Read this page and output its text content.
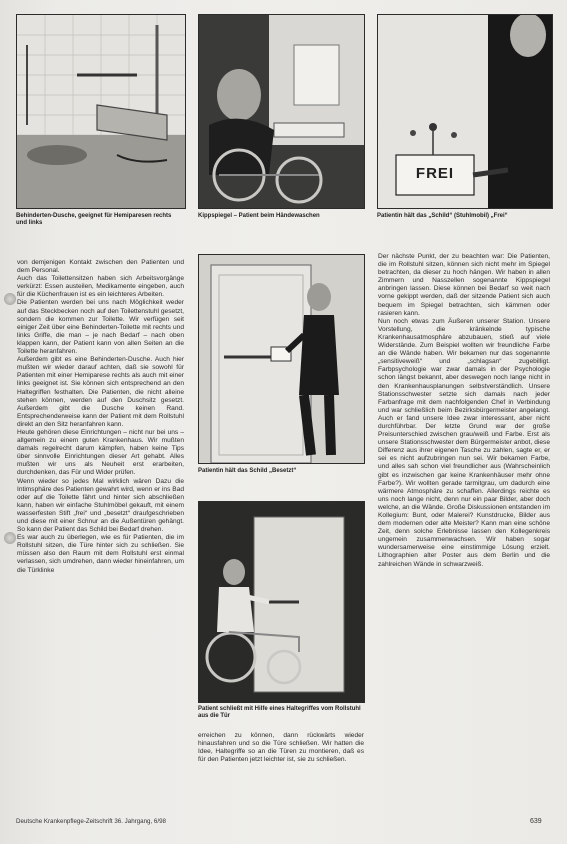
Behinderten-Dusche, geeignet für Hemiparesen rechts und links
Kippspiegel – Patient beim Händewaschen
FREI
Patientin hält das „Schild“ (Stuhlmobil) „Frei“
Patientin hält das Schild „Besetzt“
Patient schließt mit Hilfe eines Haltegriffes vom Rollstuhl aus die Tür

von demjenigen Kontakt zwischen den Patienten und dem Personal.

Auch das Toilettensitzen haben sich Arbeitsvorgänge verkürzt: Essen austeilen, Medikamente eingeben, auch für die Küchenfrauen ist es ein leichteres Arbeiten.

Die Patienten werden bei uns nach Möglichkeit weder auf das Steckbecken noch auf den Toilettenstuhl gesetzt, sondern die kommen zur Toilette. Wir verfügen seit einiger Zeit über eine Behinderten-Toilette mit rechts und links Griffe, die man – je nach Bedarf – nach oben klappen kann, der Patient kann von allen Seiten an die Toilette heranfahren.

Außerdem gibt es eine Behinderten-Dusche. Auch hier mußten wir wieder darauf achten, daß sie sowohl für Patienten mit einer Hemiparese rechts als auch mit einer links geeignet ist. Sie können sich entsprechend an den Haltegriffen festhalten. Die Patienten, die nicht alleine stehen können, werden auf den Duschsitz gesetzt. Außerdem gibt die Dusche keinen Rand. Entsprechenderweise kann der Patient mit dem Rollstuhl direkt an den Sitz heranfahren kann.

Heute gehören diese Einrichtungen – nicht nur bei uns – allgemein zu einem guten Krankenhaus. Wir mußten damals regelrecht darum kämpfen, haben keine Tips über sinnvolle Einrichtungen dieser Art gehabt. Alles mußten wir uns als Neuheit erst erarbeiten, durchdenken, das Für und Wider prüfen.

Wenn wieder so jedes Mal wirklich wären Dazu die Intimsphäre des Patienten gewahrt wird, wenn er ins Bad oder auf die Toilette fährt und hinter sich abschließen kann, haben wir einfache Stuhlmöbel gekauft, mit einem wasserfesten Stift „frei“ und „besetzt“ draufgeschrieben und diese mit einer Schnur an die Außentüren gehängt. So kann der Patient das Schild bei Bedarf drehen.

Es war auch zu überlegen, wie es für Patienten, die im Rollstuhl sitzen, die Türe hinter sich zu schließen. Sie müssen also den Raum mit dem Rollstuhl erst einmal verlassen, sich umdrehen, dann wieder hineinfahren, um die Türklinke

erreichen zu können, dann rückwärts wieder hinausfahren und so die Türe schließen. Wir hatten die Idee, Haltegriffe so an die Türen zu montieren, daß es für den Patienten jetzt leichter ist, sie zu schließen.

Der nächste Punkt, der zu beachten war: Die Patienten, die im Rollstuhl sitzen, können sich nicht mehr im Spiegel betrachten, da dieser zu hoch hängen. Wir haben in allen Zimmern und Nasszellen sogenannte Kippspiegel anbringen lassen. Diese können bei Bedarf so weit nach vorne gekippt werden, daß der sitzende Patient sich auch bequem im Spiegel betrachten, sich kämmen oder rasieren kann.

Nun noch etwas zum Äußeren unserer Station. Unsere Vorstellung, die kränkelnde typische Krankenhausatmosphäre abzubauen, stieß auf viele Widerstände. Zum Beispiel wollten wir freundliche Farbe an die Wände haben. Wir bekamen nur das sogenannte „sensitiveweiß“ und „schlagsan“ zugebilligt. Farbpsychologie war zwar damals in der Psychologie schon längst bekannt, aber deswegen noch lange nicht in den Krankenhausplanungen selbstverständlich. Unsere Stationsschwester setzte sich damals nach jeder Farbanfrage mit dem nachfolgenden Chef in Verbindung und war schließlich beim Bezirksbürgermeister angelangt. Auch er fand unsere Idee zwar interessant, aber nicht durchführbar. Der letzte Grund war der große Preisunterschied zwischen grau/weiß und Farbe. Erst als unsere Stationsschwester dem Bürgermeister anbot, diese Differenz aus ihrer eigenen Tasche zu zahlen, sagte er, er sei es nicht aufzubringen nun sei. Wir bekamen Farbe, und alles sah schon viel freundlicher aus (Wahrscheinlich gibt es inzwischen gar keine Krankenhäuser mehr ohne Farbe?). Wir wollten gerade tarmitgrau, um dadurch eine wärmere Atmosphäre zu schaffen. Allerdings reichte es uns noch lange nicht, denn nur ein paar Bilder, aber doch welche, an die Wände. Große Diskussionen entstanden im Kollegium: Bunt, oder Malerei? Kunstdrucke, Bilder aus dem modernen oder alte Meister? Kann man eine schöne Zeit, denn solche Erlebnisse lassen den Kollegenkreis ungemein zusammenwachsen. Wir haben sogar wundersamerweise eine einstimmige Lösung erzielt. Lithographien alter Poster aus dem Berlin und die zahlreichen Wände in schwarzweiß.

Deutsche Krankenpflege-Zeitschrift 36. Jahrgang, 6/98	639
